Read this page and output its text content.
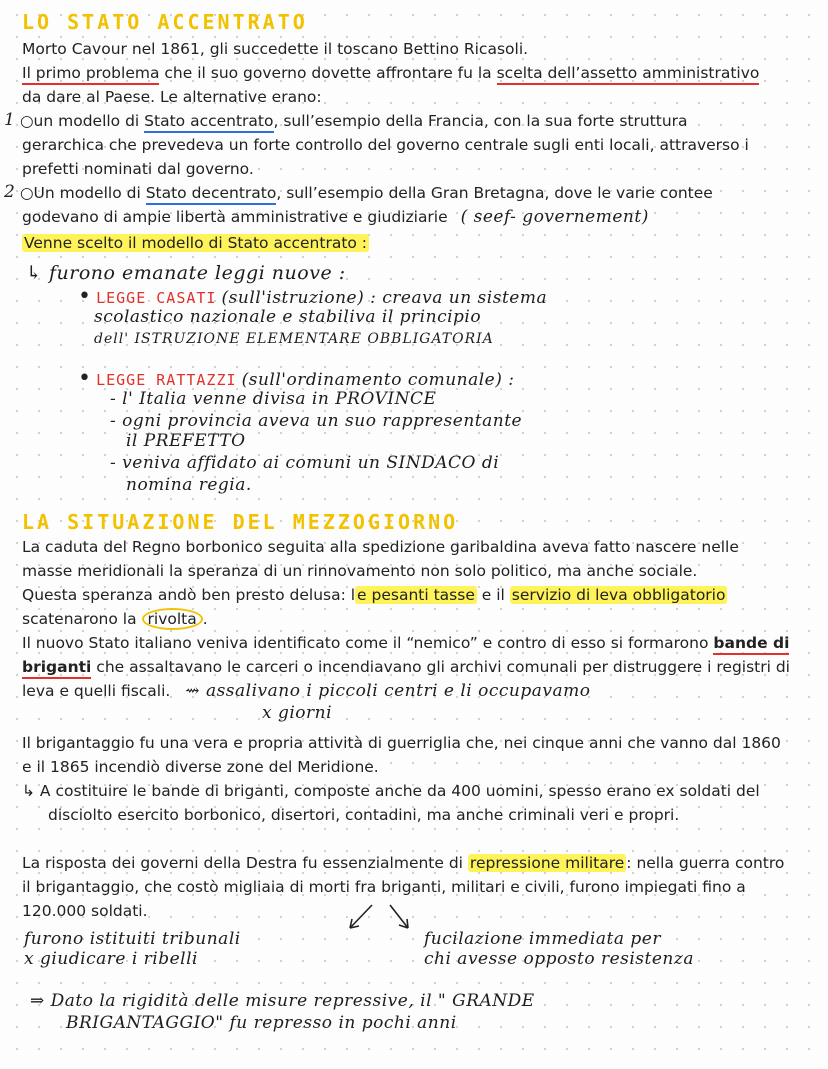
LO STATO ACCENTRATO
Morto Cavour nel 1861, gli succedette il toscano Bettino Ricasoli.
Il primo problema che il suo governo dovette affrontare fu la scelta dell’assetto amministrativo
da dare al Paese. Le alternative erano:
1 ○un modello di Stato accentrato, sull’esempio della Francia, con la sua forte struttura
gerarchica che prevedeva un forte controllo del governo centrale sugli enti locali, attraverso i
prefetti nominati dal governo.
2 ○Un modello di Stato decentrato, sull’esempio della Gran Bretagna, dove le varie contee
godevano di ampie libertà amministrative e giudiziarie ( seef- governement)
Venne scelto il modello di Stato accentrato :
↳ furono emanate leggi nuove :
• LEGGE CASATI (sull'istruzione) : creava un sistema
scolastico nazionale e stabiliva il principio
dell' ISTRUZIONE ELEMENTARE OBBLIGATORIA
• LEGGE RATTAZZI (sull'ordinamento comunale) :
- l' Italia venne divisa in PROVINCE
- ogni provincia aveva un suo rappresentante
il PREFETTO
- veniva affidato ai comuni un SINDACO di
nomina regia.
LA SITUAZIONE DEL MEZZOGIORNO
La caduta del Regno borbonico seguita alla spedizione garibaldina aveva fatto nascere nelle
masse meridionali la speranza di un rinnovamento non solo politico, ma anche sociale.
Questa speranza andò ben presto delusa: l e pesanti tasse e il servizio di leva obbligatorio
scatenarono la rivolta .
Il nuovo Stato italiano veniva identificato come il “nemico” e contro di esso si formarono bande di
briganti che assaltavano le carceri o incendiavano gli archivi comunali per distruggere i registri di
leva e quelli fiscali. ⇝ assalivano i piccoli centri e li occupavamo
x giorni
Il brigantaggio fu una vera e propria attività di guerriglia che, nei cinque anni che vanno dal 1860
e il 1865 incendiò diverse zone del Meridione.
↳ A costituire le bande di briganti, composte anche da 400 uomini, spesso erano ex soldati del
disciolto esercito borbonico, disertori, contadini, ma anche criminali veri e propri.
La risposta dei governi della Destra fu essenzialmente di repressione militare : nella guerra contro
il brigantaggio, che costò migliaia di morti fra briganti, militari e civili, furono impiegati fino a
120.000 soldati.
furono istituiti tribunali
x giudicare i ribelli
fucilazione immediata per
chi avesse opposto resistenza
⇒ Dato la rigidità delle misure repressive, il " GRANDE
BRIGANTAGGIO" fu represso in pochi anni
